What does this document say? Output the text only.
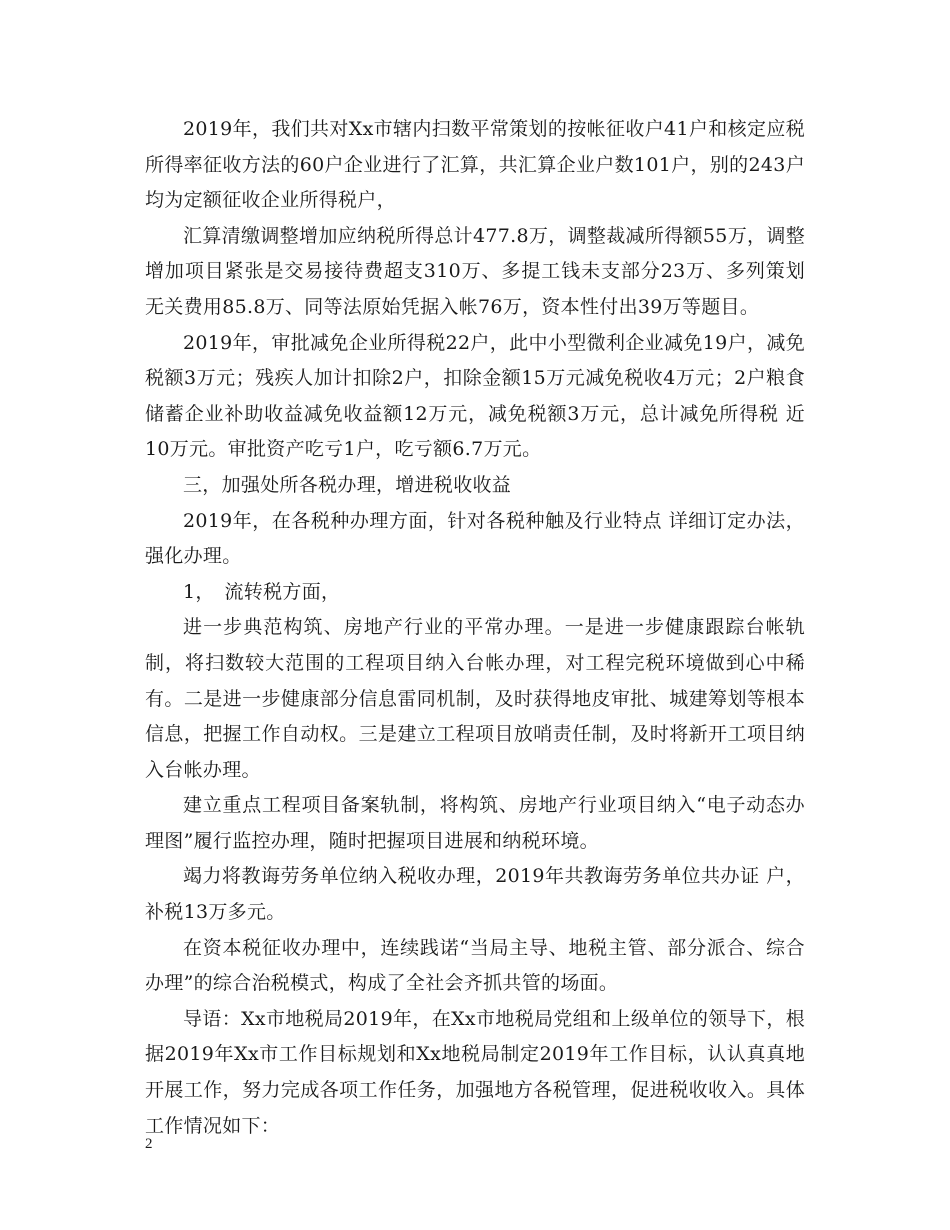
2019年，我们共对Xx市辖内扫数平常策划的按帐征收户41户和核定应税所得率征收方法的60户企业进行了汇算，共汇算企业户数101户，别的243户均为定额征收企业所得税户，

汇算清缴调整增加应纳税所得总计477.8万，调整裁减所得额55万，调整增加项目紧张是交易接待费超支310万、多提工钱未支部分23万、多列策划无关费用85.8万、同等法原始凭据入帐76万，资本性付出39万等题目。

2019年，审批减免企业所得税22户，此中小型微利企业减免19户，减免税额3万元；残疾人加计扣除2户，扣除金额15万元减免税收4万元；2户粮食储蓄企业补助收益减免收益额12万元，减免税额3万元，总计减免所得税 近10万元。审批资产吃亏1户，吃亏额6.7万元。

三，加强处所各税办理，增进税收收益

2019年，在各税种办理方面，针对各税种触及行业特点 详细订定办法，强化办理。

1，　流转税方面，

进一步典范构筑、房地产行业的平常办理。一是进一步健康跟踪台帐轨制，将扫数较大范围的工程项目纳入台帐办理，对工程完税环境做到心中稀有。二是进一步健康部分信息雷同机制，及时获得地皮审批、城建筹划等根本信息，把握工作自动权。三是建立工程项目放哨责任制，及时将新开工项目纳入台帐办理。

建立重点工程项目备案轨制，将构筑、房地产行业项目纳入“电子动态办理图”履行监控办理，随时把握项目进展和纳税环境。

竭力将教诲劳务单位纳入税收办理，2019年共教诲劳务单位共办证 户，补税13万多元。

在资本税征收办理中，连续践诺“当局主导、地税主管、部分派合、综合办理”的综合治税模式，构成了全社会齐抓共管的场面。

导语：Xx市地税局2019年，在Xx市地税局党组和上级单位的领导下，根据2019年Xx市工作目标规划和Xx地税局制定2019年工作目标，认认真真地开展工作，努力完成各项工作任务，加强地方各税管理，促进税收收入。具体工作情况如下：

2
